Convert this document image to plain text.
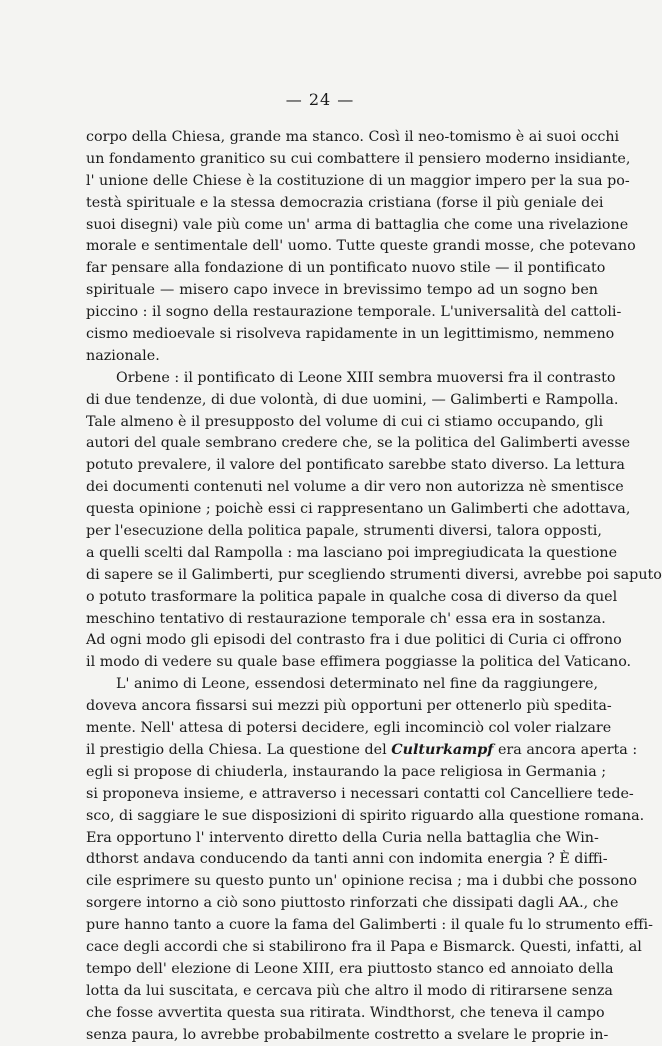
— 24 —
corpo della Chiesa, grande ma stanco. Così il neo-tomismo è ai suoi occhi
un fondamento granitico su cui combattere il pensiero moderno insidiante,
l' unione delle Chiese è la costituzione di un maggior impero per la sua po-
testà spirituale e la stessa democrazia cristiana (forse il più geniale dei
suoi disegni) vale più come un' arma di battaglia che come una rivelazione
morale e sentimentale dell' uomo. Tutte queste grandi mosse, che potevano
far pensare alla fondazione di un pontificato nuovo stile — il pontificato
spirituale — misero capo invece in brevissimo tempo ad un sogno ben
piccino : il sogno della restaurazione temporale. L'universalità del cattoli-
cismo medioevale si risolveva rapidamente in un legittimismo, nemmeno
nazionale.
Orbene : il pontificato di Leone XIII sembra muoversi fra il contrasto
di due tendenze, di due volontà, di due uomini, — Galimberti e Rampolla.
Tale almeno è il presupposto del volume di cui ci stiamo occupando, gli
autori del quale sembrano credere che, se la politica del Galimberti avesse
potuto prevalere, il valore del pontificato sarebbe stato diverso. La lettura
dei documenti contenuti nel volume a dir vero non autorizza nè smentisce
questa opinione ; poichè essi ci rappresentano un Galimberti che adottava,
per l'esecuzione della politica papale, strumenti diversi, talora opposti,
a quelli scelti dal Rampolla : ma lasciano poi impregiudicata la questione
di sapere se il Galimberti, pur scegliendo strumenti diversi, avrebbe poi saputo
o potuto trasformare la politica papale in qualche cosa di diverso da quel
meschino tentativo di restaurazione temporale ch' essa era in sostanza.
Ad ogni modo gli episodi del contrasto fra i due politici di Curia ci offrono
il modo di vedere su quale base effimera poggiasse la politica del Vaticano.
L' animo di Leone, essendosi determinato nel fine da raggiungere,
doveva ancora fissarsi sui mezzi più opportuni per ottenerlo più spedita-
mente. Nell' attesa di potersi decidere, egli incominciò col voler rialzare
il prestigio della Chiesa. La questione del Culturkampf era ancora aperta :
egli si propose di chiuderla, instaurando la pace religiosa in Germania ;
si proponeva insieme, e attraverso i necessari contatti col Cancelliere tede-
sco, di saggiare le sue disposizioni di spirito riguardo alla questione romana.
Era opportuno l' intervento diretto della Curia nella battaglia che Win-
dthorst andava conducendo da tanti anni con indomita energia ? È diffi-
cile esprimere su questo punto un' opinione recisa ; ma i dubbi che possono
sorgere intorno a ciò sono piuttosto rinforzati che dissipati dagli AA., che
pure hanno tanto a cuore la fama del Galimberti : il quale fu lo strumento effi-
cace degli accordi che si stabilirono fra il Papa e Bismarck. Questi, infatti, al
tempo dell' elezione di Leone XIII, era piuttosto stanco ed annoiato della
lotta da lui suscitata, e cercava più che altro il modo di ritirarsene senza
che fosse avvertita questa sua ritirata. Windthorst, che teneva il campo
senza paura, lo avrebbe probabilmente costretto a svelare le proprie in-
